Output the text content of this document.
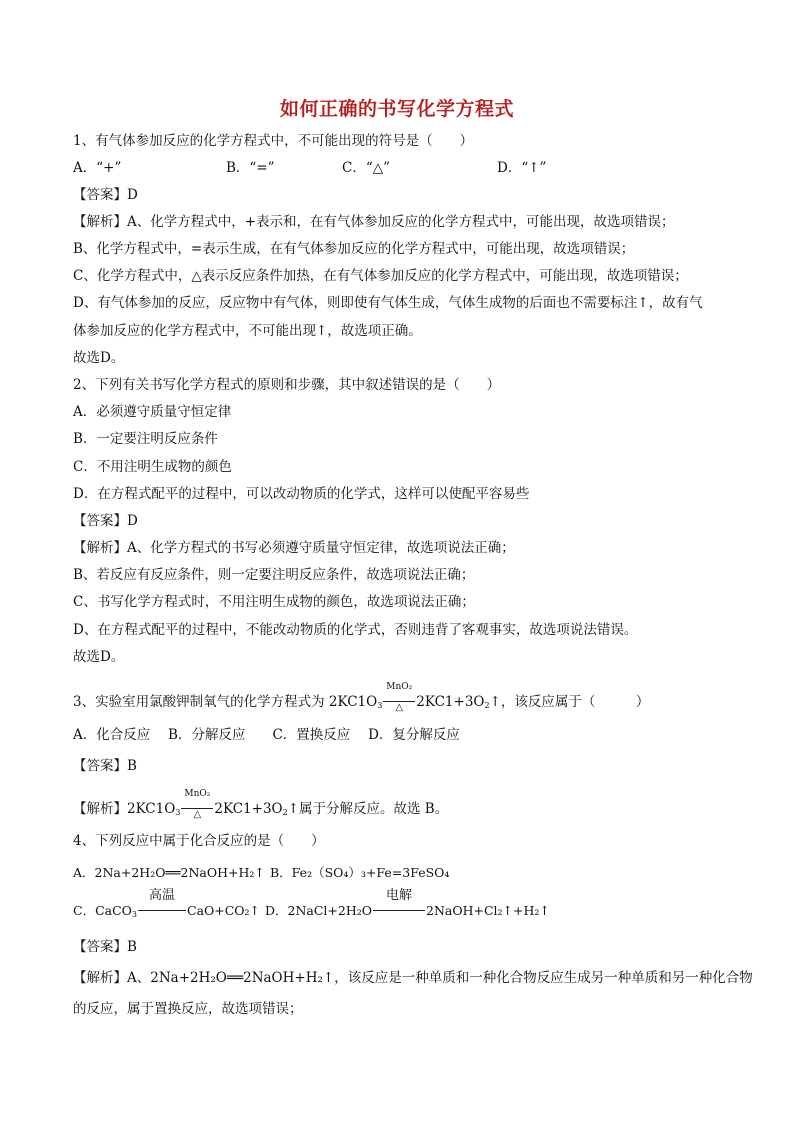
如何正确的书写化学方程式
1、有气体参加反应的化学方程式中，不可能出现的符号是（　　）
A．“+”	B．“=”	C．“△”	D．“↑”
【答案】D
【解析】A、化学方程式中，+表示和，在有气体参加反应的化学方程式中，可能出现，故选项错误；
B、化学方程式中，=表示生成，在有气体参加反应的化学方程式中，可能出现，故选项错误；
C、化学方程式中，△表示反应条件加热，在有气体参加反应的化学方程式中，可能出现，故选项错误；
D、有气体参加的反应，反应物中有气体，则即使有气体生成，气体生成物的后面也不需要标注↑，故有气
体参加反应的化学方程式中，不可能出现↑，故选项正确。
故选D。
2、下列有关书写化学方程式的原则和步骤，其中叙述错误的是（　　）
A．必须遵守质量守恒定律
B．一定要注明反应条件
C．不用注明生成物的颜色
D．在方程式配平的过程中，可以改动物质的化学式，这样可以使配平容易些
【答案】D
【解析】A、化学方程式的书写必须遵守质量守恒定律，故选项说法正确；
B、若反应有反应条件，则一定要注明反应条件，故选项说法正确；
C、书写化学方程式时，不用注明生成物的颜色，故选项说法正确；
D、在方程式配平的过程中，不能改动物质的化学式，否则违背了客观事实，故选项说法错误。
故选D。
3、实验室用氯酸钾制氧气的化学方程式为 $2KC1O_3$
MnO₂
△ $2KC1+3O_2↑$，该反应属于（　　　）
A．化合反应　 B．分解反应　　C．置换反应　 D．复分解反应
【答案】B
【解析】$2KC1O_3$
MnO₂
△ $2KC1+3O_2↑$属于分解反应。故选 B。
4、下列反应中属于化合反应的是（　　）
A．2Na+2H₂O══2NaOH+H₂↑ B．Fe₂（SO₄）₃+Fe=3FeSO₄
C．CaCO$_3$
高温
CaO+CO₂↑ D．2NaCl+2H₂O
电解
2NaOH+Cl₂↑+H₂↑
【答案】B
【解析】A、2Na+2H₂O══2NaOH+H₂↑，该反应是一种单质和一种化合物反应生成另一种单质和另一种化合物
的反应，属于置换反应，故选项错误；
